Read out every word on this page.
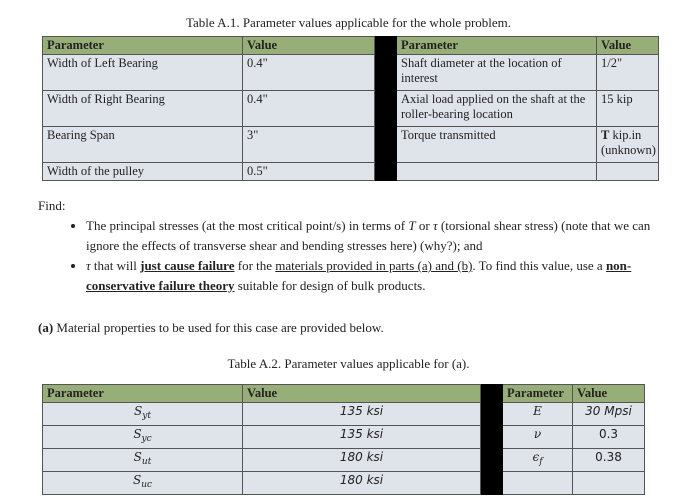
Table A.1. Parameter values applicable for the whole problem.
Parameter	Value		Parameter	Value
Width of Left Bearing	0.4"		Shaft diameter at the location of interest	1/2"
Width of Right Bearing	0.4"		Axial load applied on the shaft at the roller-bearing location	15 kip
Bearing Span	3"		Torque transmitted	T kip.in (unknown)
Width of the pulley	0.5"			
Find:
• The principal stresses (at the most critical point/s) in terms of T or τ (torsional shear stress) (note that we can ignore the effects of transverse shear and bending stresses here) (why?); and
• τ that will just cause failure for the materials provided in parts (a) and (b). To find this value, use a non-conservative failure theory suitable for design of bulk products.
(a) Material properties to be used for this case are provided below.
Table A.2. Parameter values applicable for (a).
Parameter	Value		Parameter	Value
$S_{yt}$	135 ksi		E	30 Mpsi
$S_{yc}$	135 ksi		ν	0.3
$S_{ut}$	180 ksi		$\epsilon_f$	0.38
$S_{uc}$	180 ksi			
